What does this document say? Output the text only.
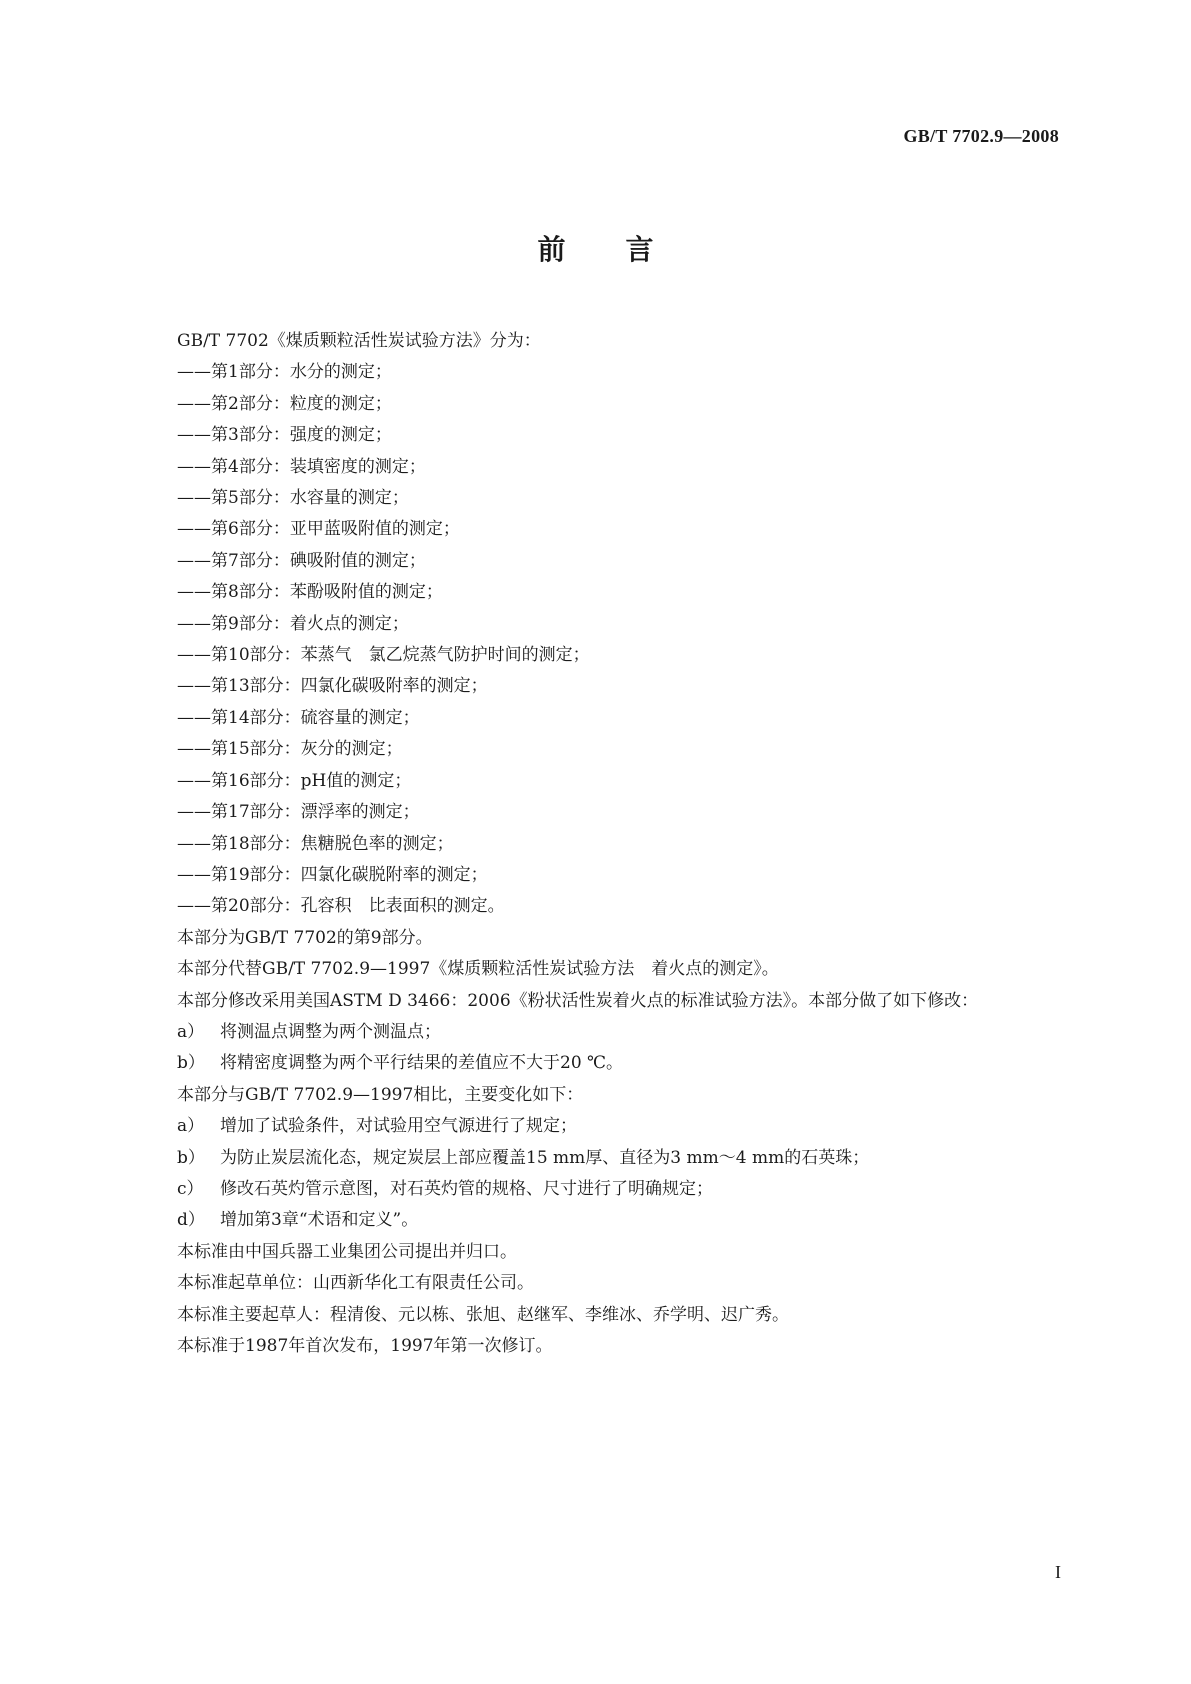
GB/T 7702.9—2008
前言

GB/T 7702《煤质颗粒活性炭试验方法》分为：

——第1部分：水分的测定；

——第2部分：粒度的测定；

——第3部分：强度的测定；

——第4部分：装填密度的测定；

——第5部分：水容量的测定；

——第6部分：亚甲蓝吸附值的测定；

——第7部分：碘吸附值的测定；

——第8部分：苯酚吸附值的测定；

——第9部分：着火点的测定；

——第10部分：苯蒸气　氯乙烷蒸气防护时间的测定；

——第13部分：四氯化碳吸附率的测定；

——第14部分：硫容量的测定；

——第15部分：灰分的测定；

——第16部分：pH值的测定；

——第17部分：漂浮率的测定；

——第18部分：焦糖脱色率的测定；

——第19部分：四氯化碳脱附率的测定；

——第20部分：孔容积　比表面积的测定。

本部分为GB/T 7702的第9部分。

本部分代替GB/T 7702.9—1997《煤质颗粒活性炭试验方法　着火点的测定》。

本部分修改采用美国ASTM D 3466：2006《粉状活性炭着火点的标准试验方法》。本部分做了如下修改：

a） 将测温点调整为两个测温点；

b） 将精密度调整为两个平行结果的差值应不大于20 ℃。

本部分与GB/T 7702.9—1997相比，主要变化如下：

a） 增加了试验条件，对试验用空气源进行了规定；

b） 为防止炭层流化态，规定炭层上部应覆盖15 mm厚、直径为3 mm～4 mm的石英珠；

c） 修改石英灼管示意图，对石英灼管的规格、尺寸进行了明确规定；

d） 增加第3章“术语和定义”。

本标准由中国兵器工业集团公司提出并归口。

本标准起草单位：山西新华化工有限责任公司。

本标准主要起草人：程清俊、元以栋、张旭、赵继军、李维冰、乔学明、迟广秀。

本标准于1987年首次发布，1997年第一次修订。

I
